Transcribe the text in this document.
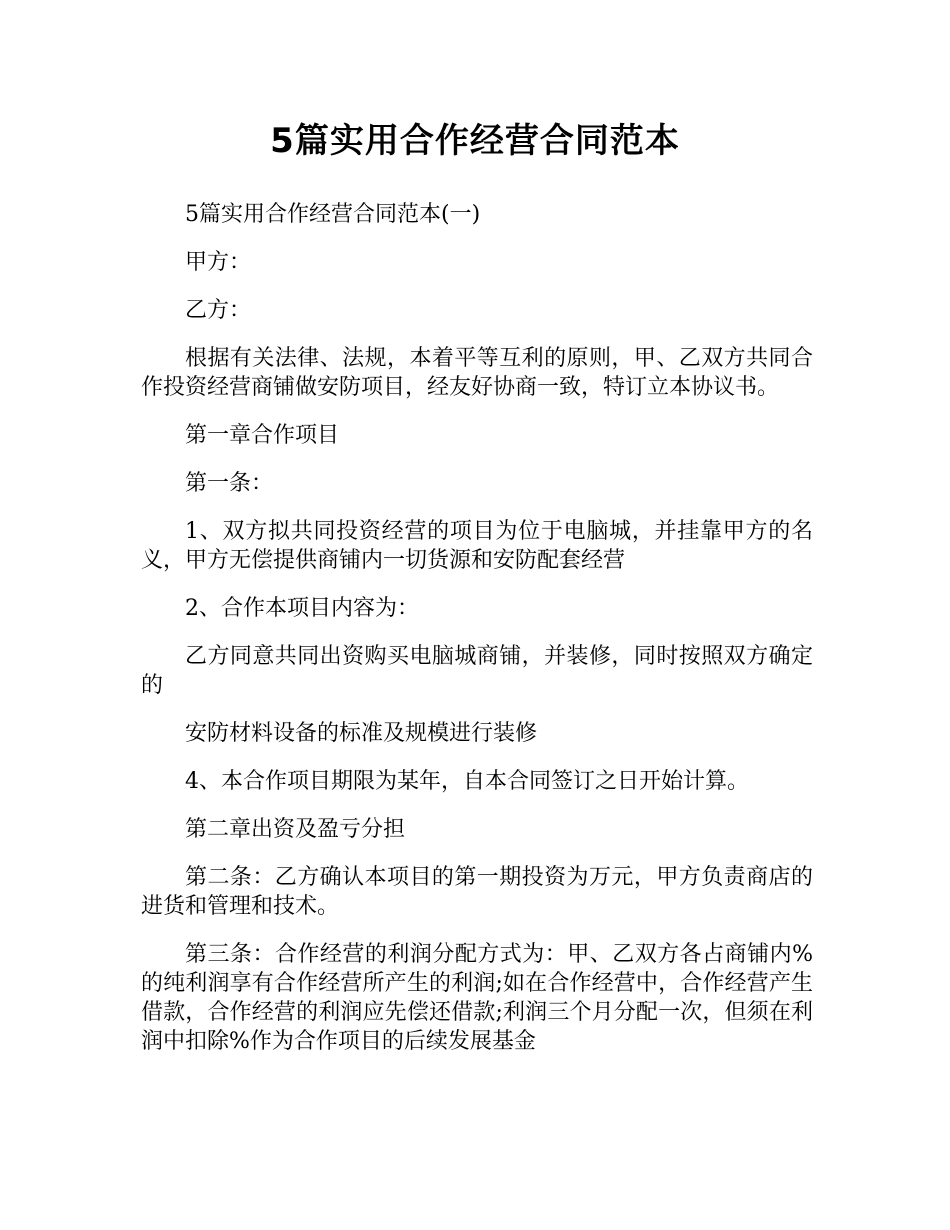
5篇实用合作经营合同范本

5篇实用合作经营合同范本(一)

甲方：

乙方：

根据有关法律、法规，本着平等互利的原则，甲、乙双方共同合作投资经营商铺做安防项目，经友好协商一致，特订立本协议书。

第一章合作项目

第一条：

1、双方拟共同投资经营的项目为位于电脑城，并挂靠甲方的名义，甲方无偿提供商铺内一切货源和安防配套经营

2、合作本项目内容为：

乙方同意共同出资购买电脑城商铺，并装修，同时按照双方确定的

安防材料设备的标准及规模进行装修

4、本合作项目期限为某年，自本合同签订之日开始计算。

第二章出资及盈亏分担

第二条：乙方确认本项目的第一期投资为万元，甲方负责商店的进货和管理和技术。

第三条：合作经营的利润分配方式为：甲、乙双方各占商铺内%的纯利润享有合作经营所产生的利润;如在合作经营中，合作经营产生借款，合作经营的利润应先偿还借款;利润三个月分配一次，但须在利润中扣除%作为合作项目的后续发展基金
